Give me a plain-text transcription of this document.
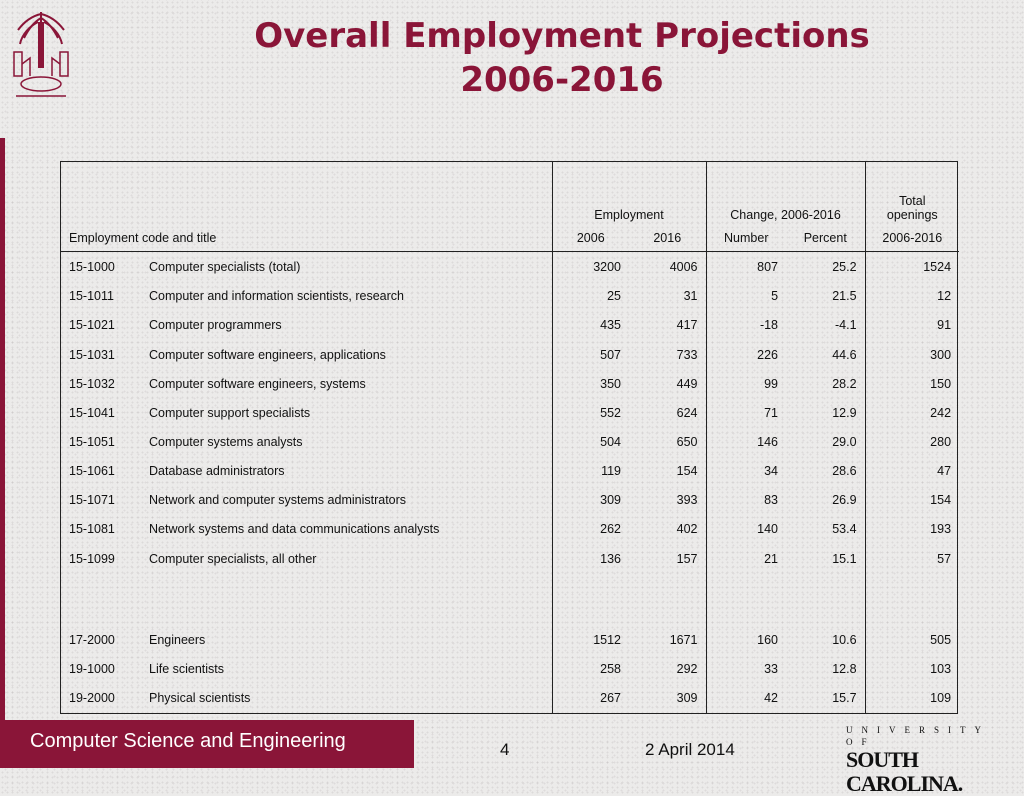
Overall Employment Projections
2006-2016
		Employment		Change, 2006-2016		Total
openings
Employment code and title		2006	2016	Number	Percent	2006-2016
15-1000	Computer specialists (total)	3200	4006	807	25.2	1524
15-1011	Computer and information scientists, research	25	31	5	21.5	12
15-1021	Computer programmers	435	417	-18	-4.1	91
15-1031	Computer software engineers, applications	507	733	226	44.6	300
15-1032	Computer software engineers, systems	350	449	99	28.2	150
15-1041	Computer support specialists	552	624	71	12.9	242
15-1051	Computer systems analysts	504	650	146	29.0	280
15-1061	Database administrators	119	154	34	28.6	47
15-1071	Network and computer systems administrators	309	393	83	26.9	154
15-1081	Network systems and data communications analysts	262	402	140	53.4	193
15-1099	Computer specialists, all other	136	157	21	15.1	57

17-2000	Engineers	1512	1671	160	10.6	505
19-1000	Life scientists	258	292	33	12.8	103
19-2000	Physical scientists	267	309	42	15.7	109
Computer Science and Engineering	4	2 April 2014
UNIVERSITY OF
SOUTH CAROLINA.
